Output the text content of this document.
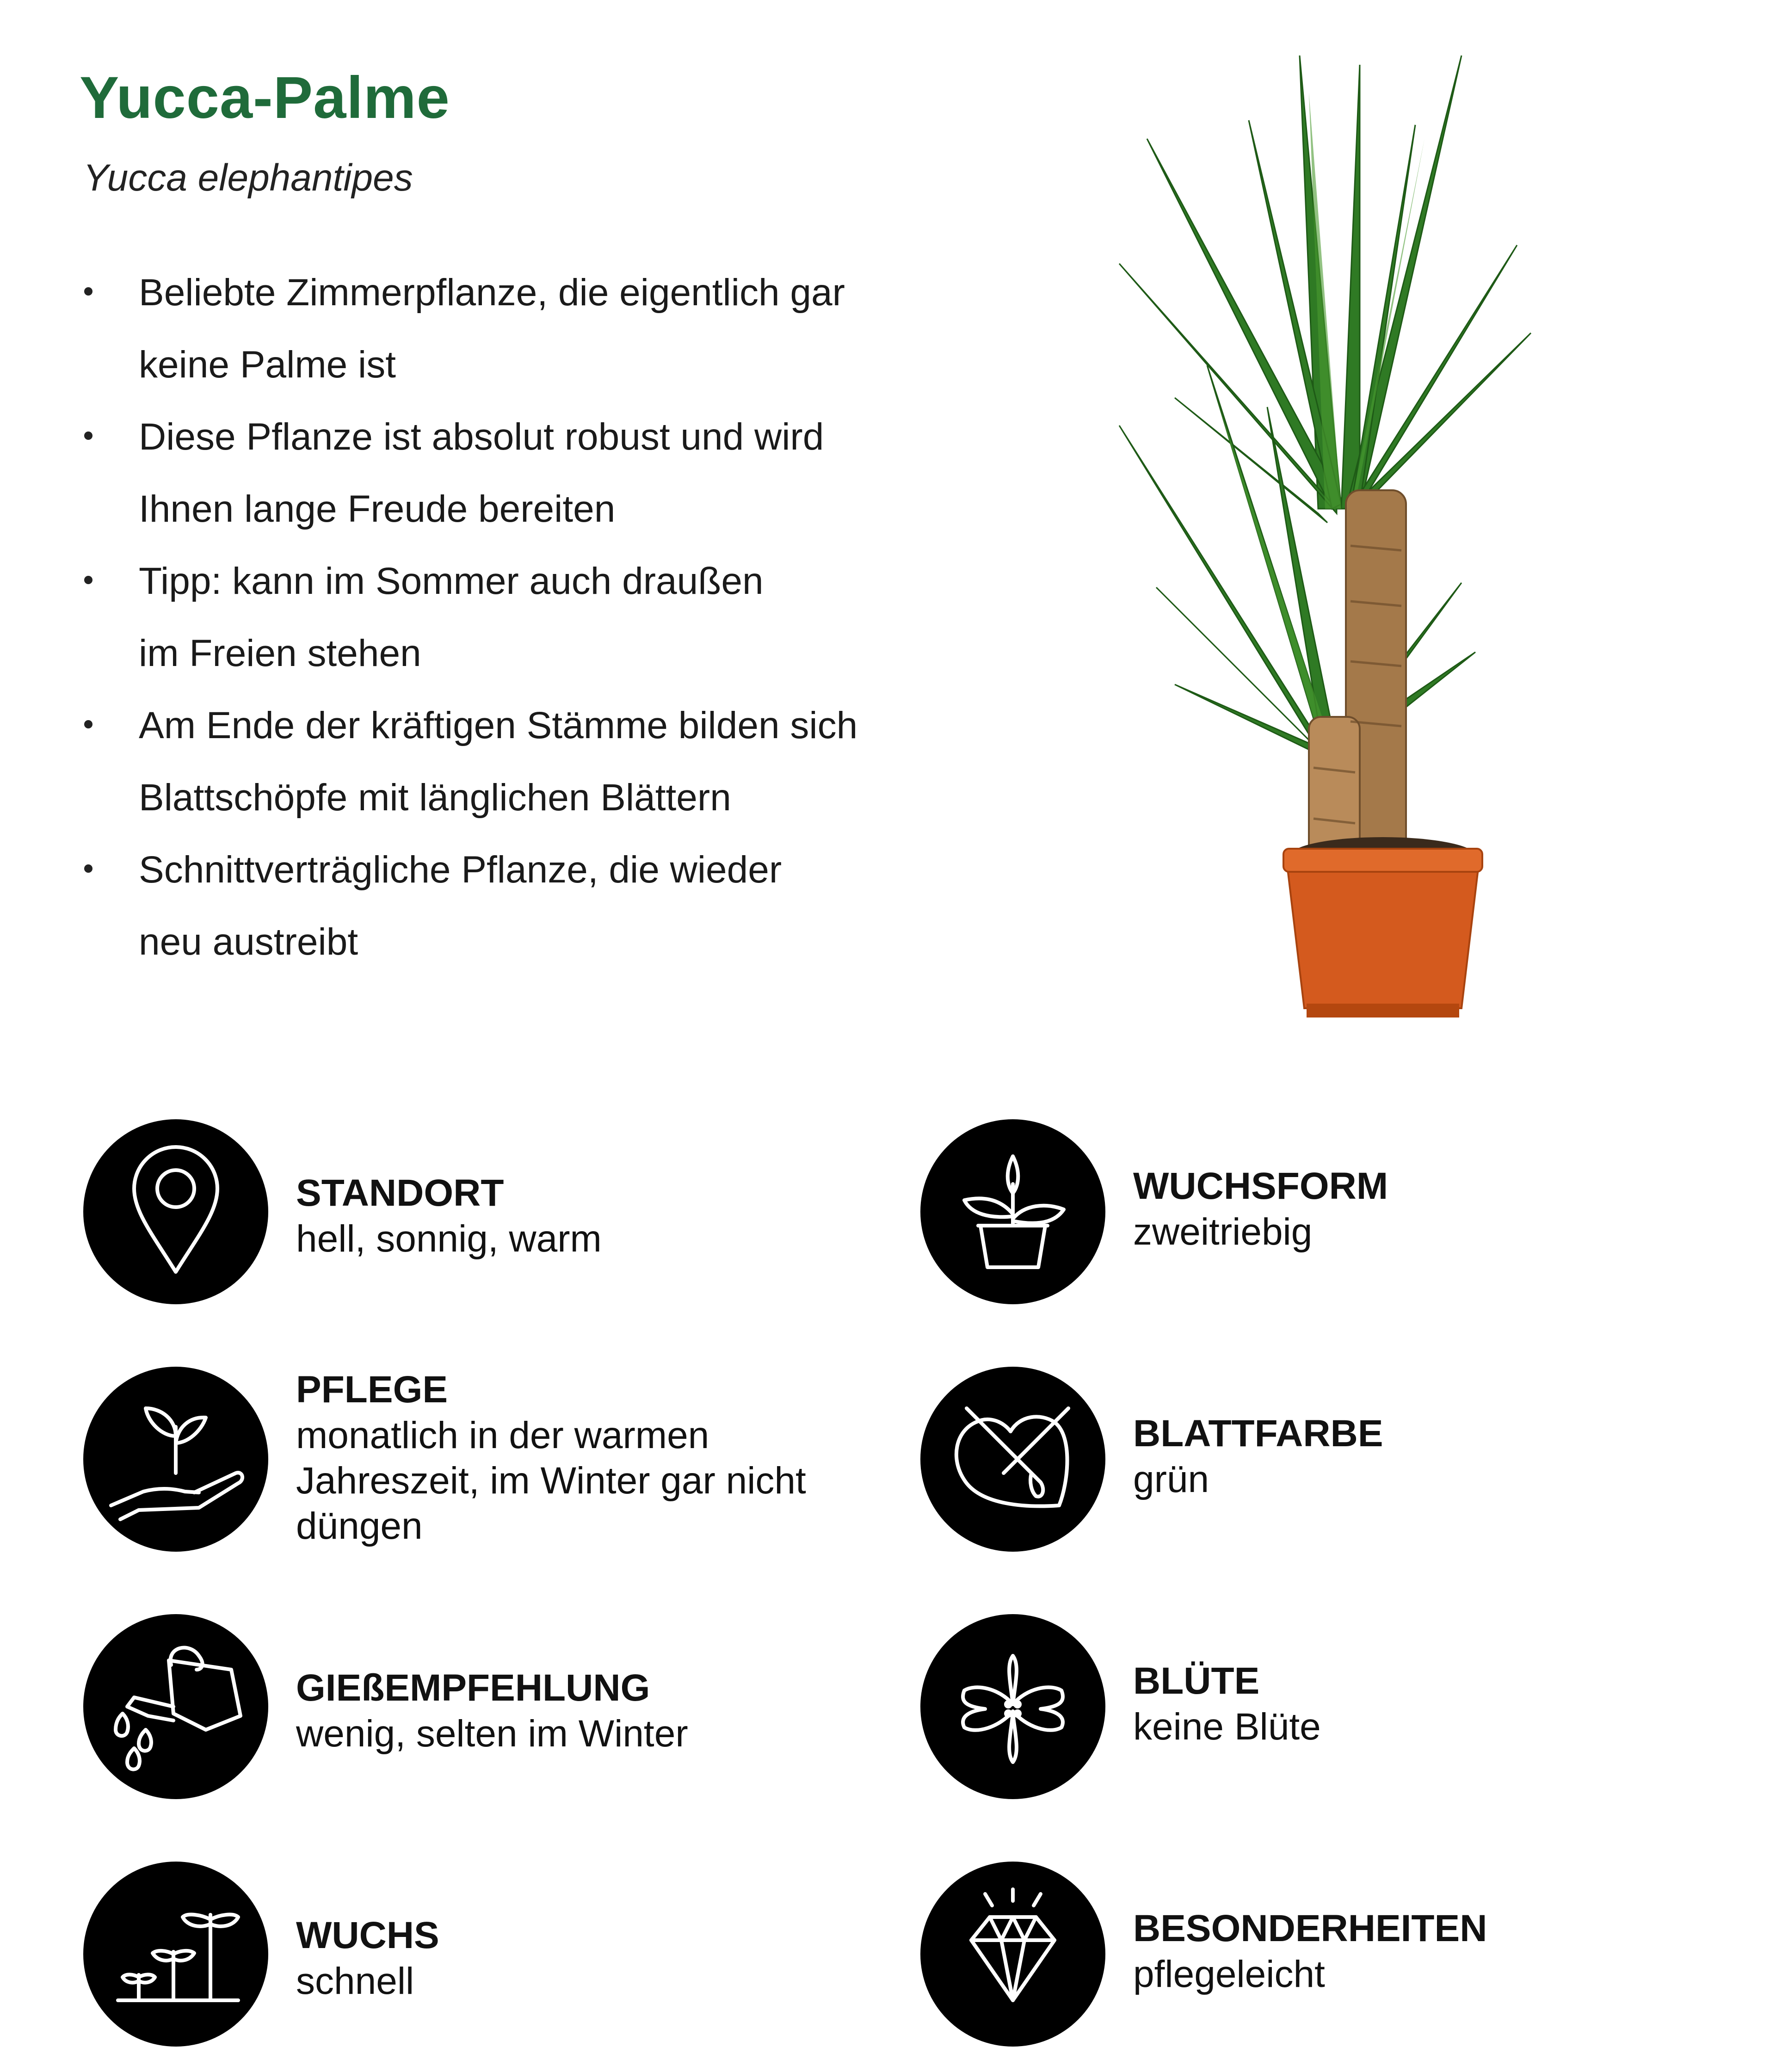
Yucca-Palme
Yucca elephantipes
Beliebte Zimmerpflanze, die eigentlich gar
keine Palme ist
Diese Pflanze ist absolut robust und wird
Ihnen lange Freude bereiten
Tipp: kann im Sommer auch draußen
im Freien stehen
Am Ende der kräftigen Stämme bilden sich
Blattschöpfe mit länglichen Blättern
Schnittverträgliche Pflanze, die wieder
neu austreibt
STANDORT
hell, sonnig, warm
PFLEGE
monatlich in der warmen
Jahreszeit, im Winter gar nicht
düngen
GIEßEMPFEHLUNG
wenig, selten im Winter
WUCHS
schnell
WUCHSFORM
zweitriebig
BLATTFARBE
grün
BLÜTE
keine Blüte
BESONDERHEITEN
pflegeleicht
